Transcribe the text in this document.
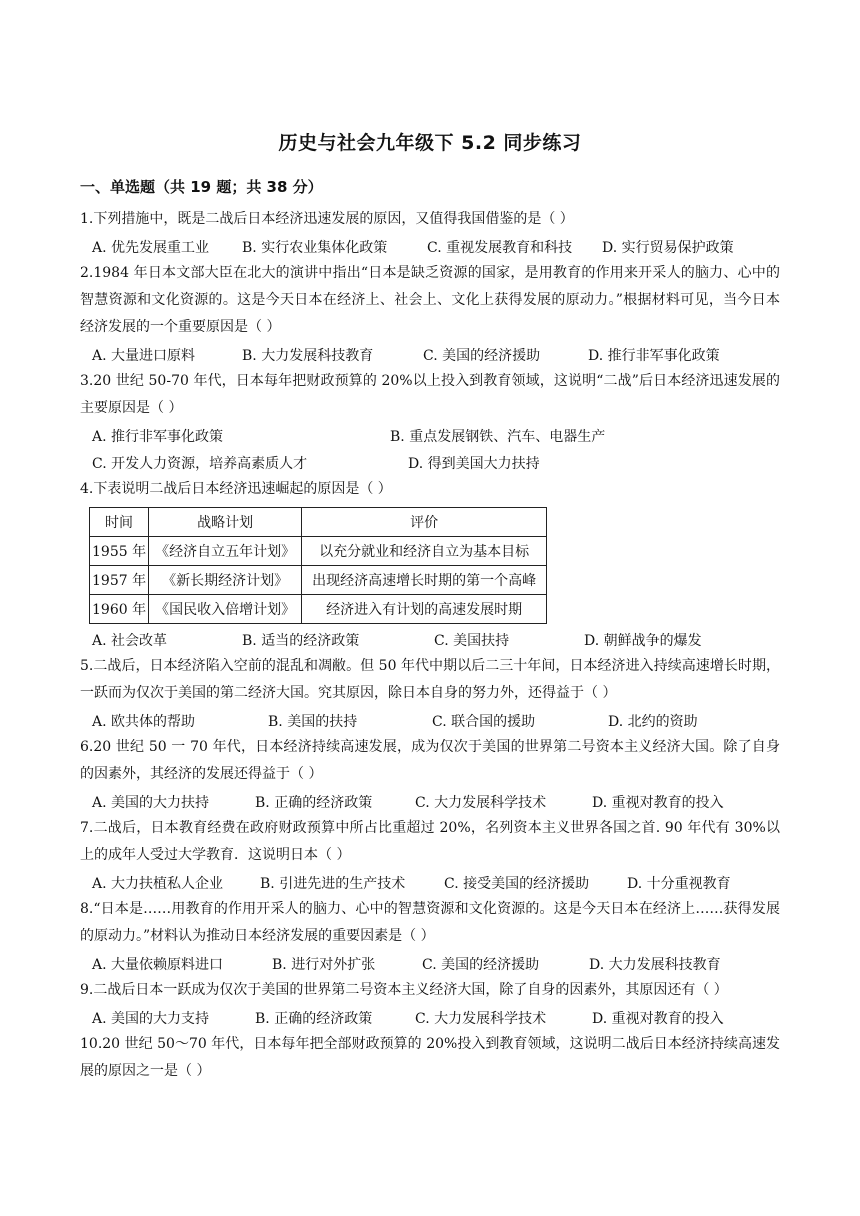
历史与社会九年级下 5.2 同步练习
一、单选题（共 19 题；共 38 分）
1.下列措施中，既是二战后日本经济迅速发展的原因，又值得我国借鉴的是（ ）
A. 优先发展重工业	B. 实行农业集体化政策	C. 重视发展教育和科技	D. 实行贸易保护政策
2.1984 年日本文部大臣在北大的演讲中指出“日本是缺乏资源的国家，是用教育的作用来开采人的脑力、心中的智慧资源和文化资源的。这是今天日本在经济上、社会上、文化上获得发展的原动力。”根据材料可见，当今日本经济发展的一个重要原因是（ ）
A. 大量进口原料	B. 大力发展科技教育	C. 美国的经济援助	D. 推行非军事化政策
3.20 世纪 50-70 年代，日本每年把财政预算的 20%以上投入到教育领域，这说明“二战”后日本经济迅速发展的主要原因是（ ）
A. 推行非军事化政策	B. 重点发展钢铁、汽车、电器生产
C. 开发人力资源，培养高素质人才	D. 得到美国大力扶持
4.下表说明二战后日本经济迅速崛起的原因是（ ）
时间	战略计划	评价
1955 年	《经济自立五年计划》	以充分就业和经济自立为基本目标
1957 年	《新长期经济计划》	出现经济高速增长时期的第一个高峰
1960 年	《国民收入倍增计划》	经济进入有计划的高速发展时期
A. 社会改革	B. 适当的经济政策	C. 美国扶持	D. 朝鲜战争的爆发
5.二战后，日本经济陷入空前的混乱和凋敝。但 50 年代中期以后二三十年间，日本经济进入持续高速增长时期，一跃而为仅次于美国的第二经济大国。究其原因，除日本自身的努力外，还得益于（ ）
A. 欧共体的帮助	B. 美国的扶持	C. 联合国的援助	D. 北约的资助
6.20 世纪 50 一 70 年代，日本经济持续高速发展，成为仅次于美国的世界第二号资本主义经济大国。除了自身的因素外，其经济的发展还得益于（ ）
A. 美国的大力扶持	B. 正确的经济政策	C. 大力发展科学技术	D. 重视对教育的投入
7.二战后，日本教育经费在政府财政预算中所占比重超过 20%，名列资本主义世界各国之首. 90 年代有 30%以上的成年人受过大学教育．这说明日本（ ）
A. 大力扶植私人企业	B. 引进先进的生产技术	C. 接受美国的经济援助	D. 十分重视教育
8.“日本是……用教育的作用开采人的脑力、心中的智慧资源和文化资源的。这是今天日本在经济上……获得发展的原动力。”材料认为推动日本经济发展的重要因素是（ ）
A. 大量依赖原料进口	B. 进行对外扩张	C. 美国的经济援助	D. 大力发展科技教育
9.二战后日本一跃成为仅次于美国的世界第二号资本主义经济大国，除了自身的因素外，其原因还有（ ）
A. 美国的大力支持	B. 正确的经济政策	C. 大力发展科学技术	D. 重视对教育的投入
10.20 世纪 50～70 年代，日本每年把全部财政预算的 20%投入到教育领域，这说明二战后日本经济持续高速发展的原因之一是（ ）
